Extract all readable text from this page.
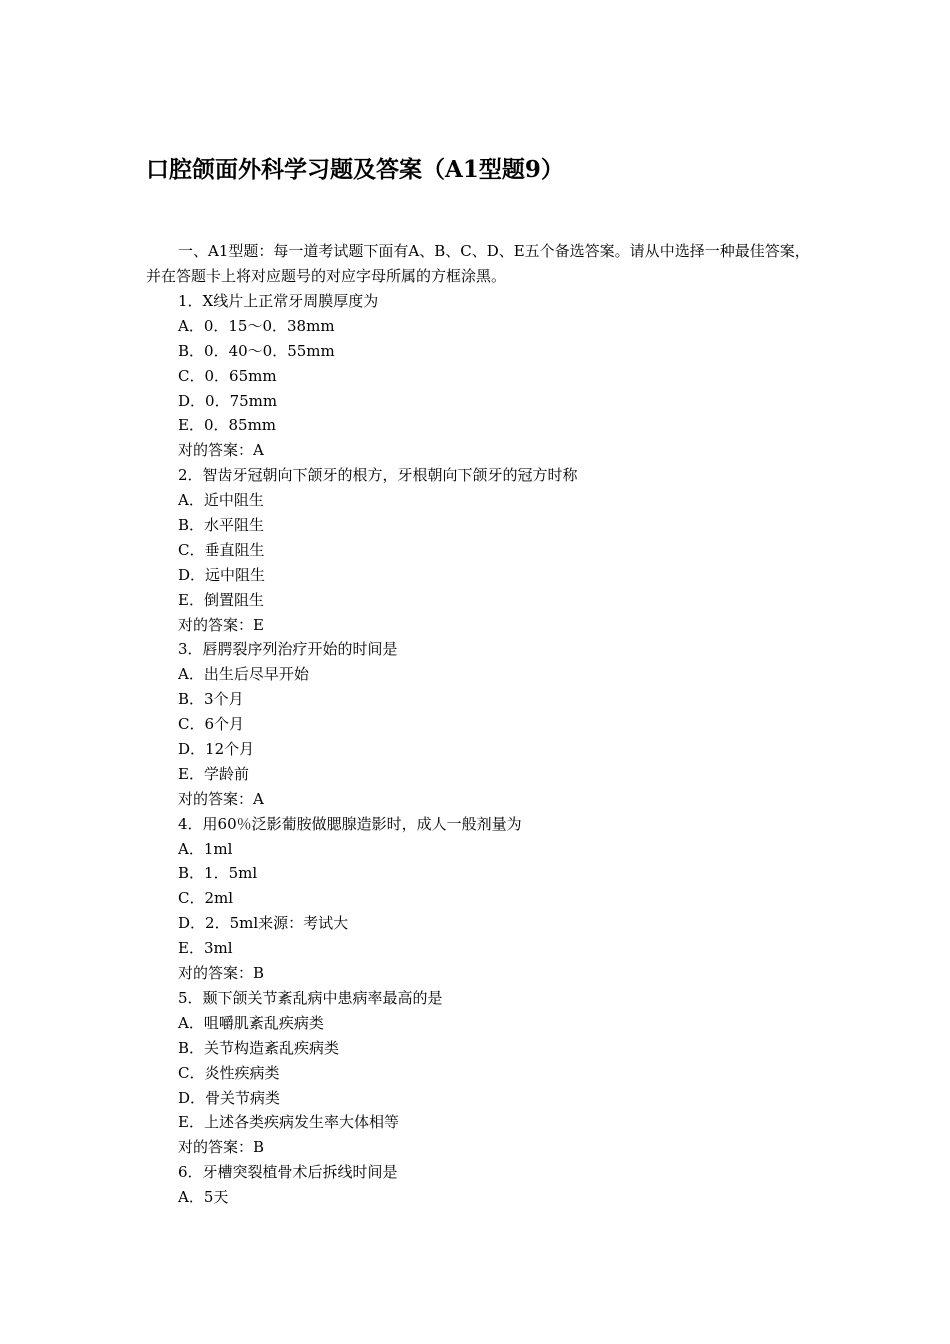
口腔颌面外科学习题及答案（A1型题9）
一、A1型题：每一道考试题下面有A、B、C、D、E五个备选答案。请从中选择一种最佳答案，并在答题卡上将对应题号的对应字母所属的方框涂黑。
1．X线片上正常牙周膜厚度为
A．0．15～0．38mm
B．0．40～0．55mm
C．0．65mm
D．0．75mm
E．0．85mm
对的答案：A
2．智齿牙冠朝向下颌牙的根方，牙根朝向下颌牙的冠方时称
A．近中阻生
B．水平阻生
C．垂直阻生
D．远中阻生
E．倒置阻生
对的答案：E
3．唇腭裂序列治疗开始的时间是
A．出生后尽早开始
B．3个月
C．6个月
D．12个月
E．学龄前
对的答案：A
4．用60％泛影葡胺做腮腺造影时，成人一般剂量为
A．1ml
B．1．5ml
C．2ml
D．2．5ml来源：考试大
E．3ml
对的答案：B
5．颞下颌关节紊乱病中患病率最高的是
A．咀嚼肌紊乱疾病类
B．关节构造紊乱疾病类
C．炎性疾病类
D．骨关节病类
E．上述各类疾病发生率大体相等
对的答案：B
6．牙槽突裂植骨术后拆线时间是
A．5天
